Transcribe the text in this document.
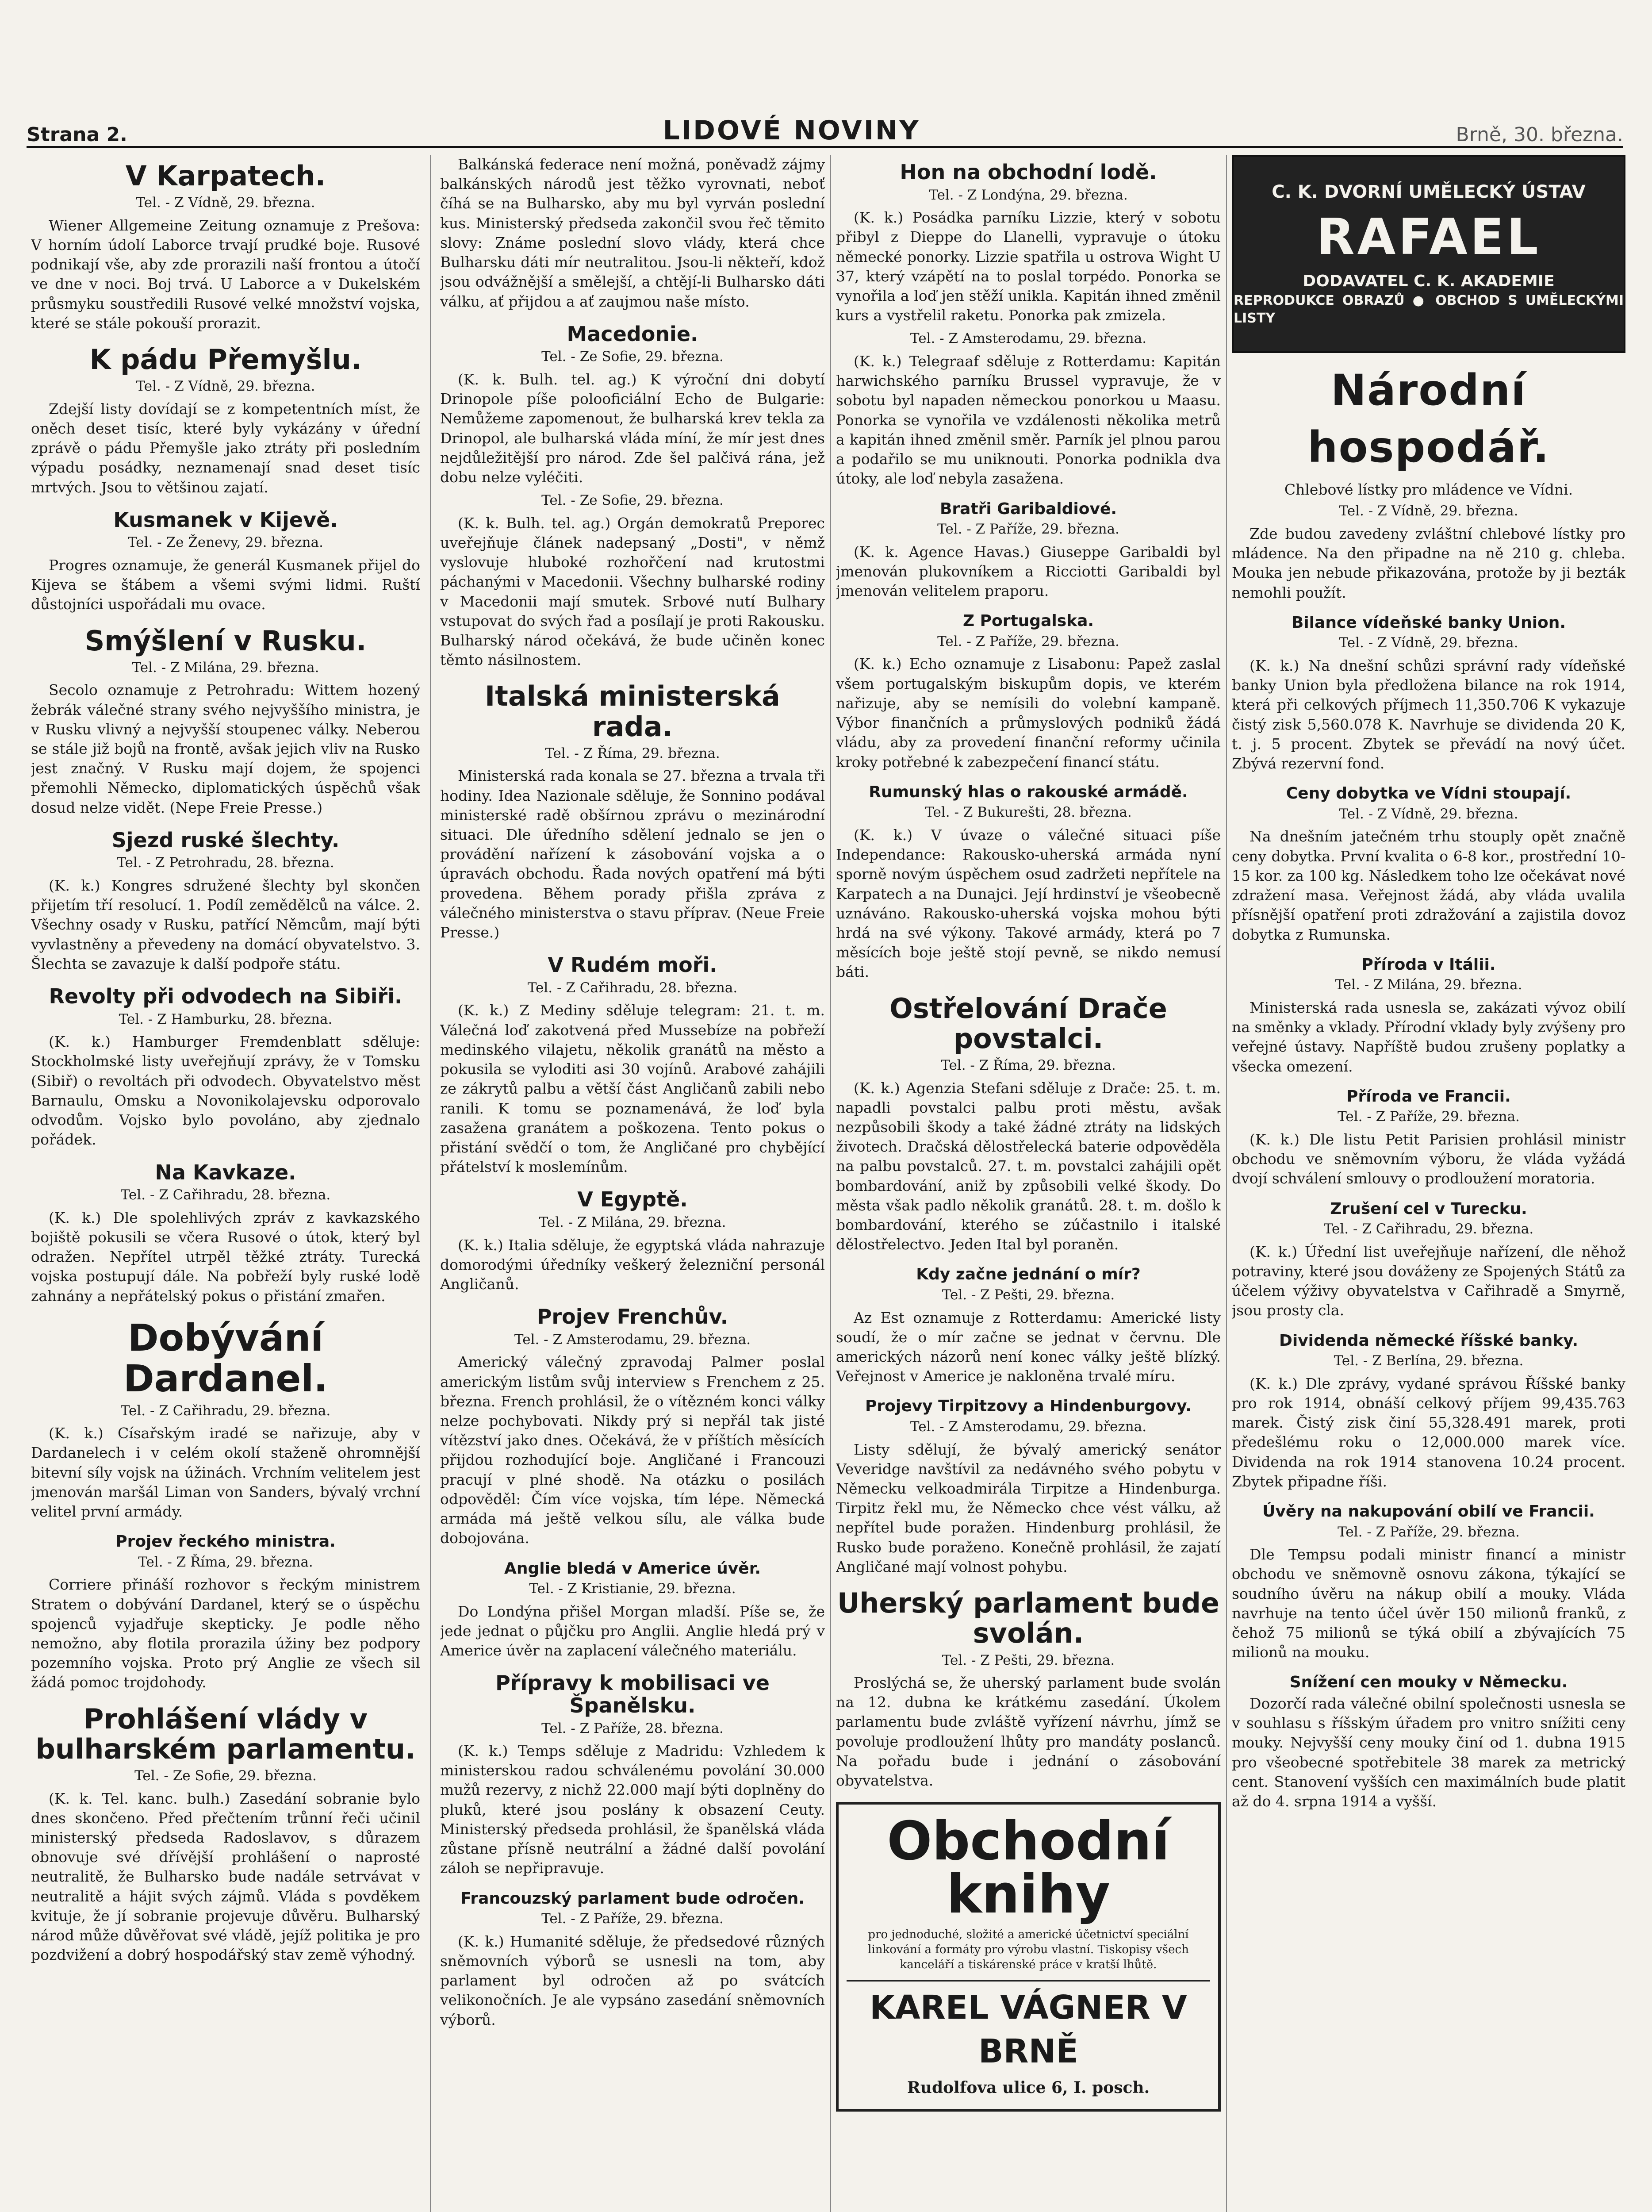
Strana 2.	LIDOVÉ NOVINY	Brně, 30. března.
V Karpatech.
Tel. - Z Vídně, 29. března.

Wiener Allgemeine Zeitung oznamuje z Prešova: V horním údolí Laborce trvají prudké boje. Rusové podnikají vše, aby zde prorazili naší frontou a útočí ve dne v noci. Boj trvá. U Laborce a v Dukelském průsmyku soustředili Rusové velké množství vojska, které se stále pokouší prorazit.

K pádu Přemyšlu.
Tel. - Z Vídně, 29. března.

Zdejší listy dovídají se z kompetentních míst, že oněch deset tisíc, které byly vykázány v úřední zprávě o pádu Přemyšle jako ztráty při posledním výpadu posádky, neznamenají snad deset tisíc mrtvých. Jsou to většinou zajatí.

Kusmanek v Kijevě.
Tel. - Ze Ženevy, 29. března.

Progres oznamuje, že generál Kusmanek přijel do Kijeva se štábem a všemi svými lidmi. Ruští důstojníci uspořádali mu ovace.

Smýšlení v Rusku.
Tel. - Z Milána, 29. března.

Secolo oznamuje z Petrohradu: Wittem hozený žebrák válečné strany svého nejvyššího ministra, je v Rusku vlivný a nejvyšší stoupenec války. Neberou se stále již bojů na frontě, avšak jejich vliv na Rusko jest značný. V Rusku mají dojem, že spojenci přemohli Německo, diplomatických úspěchů však dosud nelze vidět. (Nepe Freie Presse.)

Sjezd ruské šlechty.
Tel. - Z Petrohradu, 28. března.

(K. k.) Kongres sdružené šlechty byl skončen přijetím tří resolucí. 1. Podíl zemědělců na válce. 2. Všechny osady v Rusku, patřící Němcům, mají býti vyvlastněny a převedeny na domácí obyvatelstvo. 3. Šlechta se zavazuje k další podpoře státu.

Revolty při odvodech na Sibiři.
Tel. - Z Hamburku, 28. března.

(K. k.) Hamburger Fremdenblatt sděluje: Stockholmské listy uveřejňují zprávy, že v Tomsku (Sibiř) o revoltách při odvodech. Obyvatelstvo měst Barnaulu, Omsku a Novonikolajevsku odporovalo odvodům. Vojsko bylo povoláno, aby zjednalo pořádek.

Na Kavkaze.
Tel. - Z Cařihradu, 28. března.

(K. k.) Dle spolehlivých zpráv z kavkazského bojiště pokusili se včera Rusové o útok, který byl odražen. Nepřítel utrpěl těžké ztráty. Turecká vojska postupují dále. Na pobřeží byly ruské lodě zahnány a nepřátelský pokus o přistání zmařen.

Dobývání Dardanel.
Tel. - Z Cařihradu, 29. března.

(K. k.) Císařským iradé se nařizuje, aby v Dardanelech i v celém okolí staženě ohromnější bitevní síly vojsk na úžinách. Vrchním velitelem jest jmenován maršál Liman von Sanders, bývalý vrchní velitel první armády.

Projev řeckého ministra.
Tel. - Z Říma, 29. března.

Corriere přináší rozhovor s řeckým ministrem Stratem o dobývání Dardanel, který se o úspěchu spojenců vyjadřuje skepticky. Je podle něho nemožno, aby flotila prorazila úžiny bez podpory pozemního vojska. Proto prý Anglie ze všech sil žádá pomoc trojdohody.

Prohlášení vlády v bulharském parlamentu.
Tel. - Ze Sofie, 29. března.

(K. k. Tel. kanc. bulh.) Zasedání sobranie bylo dnes skončeno. Před přečtením trůnní řeči učinil ministerský předseda Radoslavov, s důrazem obnovuje své dřívější prohlášení o naprosté neutralitě, že Bulharsko bude nadále setrvávat v neutralitě a hájit svých zájmů. Vláda s povděkem kvituje, že jí sobranie projevuje důvěru. Bulharský národ může důvěřovat své vládě, jejíž politika je pro pozdvižení a dobrý hospodářský stav země výhodný.

Balkánská federace není možná, poněvadž zájmy balkánských národů jest těžko vyrovnati, neboť číhá se na Bulharsko, aby mu byl vyrván poslední kus. Ministerský předseda zakončil svou řeč těmito slovy: Známe poslední slovo vlády, která chce Bulharsku dáti mír neutralitou. Jsou-li někteří, kdož jsou odvážnější a smělejší, a chtějí-li Bulharsko dáti válku, ať přijdou a ať zaujmou naše místo.

Macedonie.
Tel. - Ze Sofie, 29. března.

(K. k. Bulh. tel. ag.) K výroční dni dobytí Drinopole píše polooficiální Echo de Bulgarie: Nemůžeme zapomenout, že bulharská krev tekla za Drinopol, ale bulharská vláda míní, že mír jest dnes nejdůležitější pro národ. Zde šel palčivá rána, jež dobu nelze vyléčiti.

Tel. - Ze Sofie, 29. března.

(K. k. Bulh. tel. ag.) Orgán demokratů Preporec uveřejňuje článek nadepsaný „Dosti", v němž vyslovuje hluboké rozhořčení nad krutostmi páchanými v Macedonii. Všechny bulharské rodiny v Macedonii mají smutek. Srbové nutí Bulhary vstupovat do svých řad a posílají je proti Rakousku. Bulharský národ očekává, že bude učiněn konec těmto násilnostem.

Italská ministerská rada.
Tel. - Z Říma, 29. března.

Ministerská rada konala se 27. března a trvala tři hodiny. Idea Nazionale sděluje, že Sonnino podával ministerské radě obšírnou zprávu o mezinárodní situaci. Dle úředního sdělení jednalo se jen o provádění nařízení k zásobování vojska a o úpravách obchodu. Řada nových opatření má býti provedena. Během porady přišla zpráva z válečného ministerstva o stavu příprav. (Neue Freie Presse.)

V Rudém moři.
Tel. - Z Cařihradu, 28. března.

(K. k.) Z Mediny sděluje telegram: 21. t. m. Válečná loď zakotvená před Mussebíze na pobřeží medinského vilajetu, několik granátů na město a pokusila se vyloditi asi 30 vojínů. Arabové zahájili ze zákrytů palbu a větší část Angličanů zabili nebo ranili. K tomu se poznamenává, že loď byla zasažena granátem a poškozena. Tento pokus o přistání svědčí o tom, že Angličané pro chybějící přátelství k moslemínům.

V Egyptě.
Tel. - Z Milána, 29. března.

(K. k.) Italia sděluje, že egyptská vláda nahrazuje domorodými úředníky veškerý železniční personál Angličanů.

Projev Frenchův.
Tel. - Z Amsterodamu, 29. března.

Americký válečný zpravodaj Palmer poslal americkým listům svůj interview s Frenchem z 25. března. French prohlásil, že o vítězném konci války nelze pochybovati. Nikdy prý si nepřál tak jisté vítězství jako dnes. Očekává, že v příštích měsících přijdou rozhodující boje. Angličané i Francouzi pracují v plné shodě. Na otázku o posilách odpověděl: Čím více vojska, tím lépe. Německá armáda má ještě velkou sílu, ale válka bude dobojována.

Anglie bledá v Americe úvěr.
Tel. - Z Kristianie, 29. března.

Do Londýna přišel Morgan mladší. Píše se, že jede jednat o půjčku pro Anglii. Anglie hledá prý v Americe úvěr na zaplacení válečného materiálu.

Přípravy k mobilisaci ve Španělsku.
Tel. - Z Paříže, 28. března.

(K. k.) Temps sděluje z Madridu: Vzhledem k ministerskou radou schválenému povolání 30.000 mužů rezervy, z nichž 22.000 mají býti doplněny do pluků, které jsou poslány k obsazení Ceuty. Ministerský předseda prohlásil, že španělská vláda zůstane přísně neutrální a žádné další povolání záloh se nepřipravuje.

Francouzský parlament bude odročen.
Tel. - Z Paříže, 29. března.

(K. k.) Humanité sděluje, že předsedové různých sněmovních výborů se usnesli na tom, aby parlament byl odročen až po svátcích velikonočních. Je ale vypsáno zasedání sněmovních výborů.

Hon na obchodní lodě.
Tel. - Z Londýna, 29. března.

(K. k.) Posádka parníku Lizzie, který v sobotu přibyl z Dieppe do Llanelli, vypravuje o útoku německé ponorky. Lizzie spatřila u ostrova Wight U 37, který vzápětí na to poslal torpédo. Ponorka se vynořila a loď jen stěží unikla. Kapitán ihned změnil kurs a vystřelil raketu. Ponorka pak zmizela.

Tel. - Z Amsterodamu, 29. března.

(K. k.) Telegraaf sděluje z Rotterdamu: Kapitán harwichského parníku Brussel vypravuje, že v sobotu byl napaden německou ponorkou u Maasu. Ponorka se vynořila ve vzdálenosti několika metrů a kapitán ihned změnil směr. Parník jel plnou parou a podařilo se mu uniknouti. Ponorka podnikla dva útoky, ale loď nebyla zasažena.

Bratři Garibaldiové.
Tel. - Z Paříže, 29. března.

(K. k. Agence Havas.) Giuseppe Garibaldi byl jmenován plukovníkem a Ricciotti Garibaldi byl jmenován velitelem praporu.

Z Portugalska.
Tel. - Z Paříže, 29. března.

(K. k.) Echo oznamuje z Lisabonu: Papež zaslal všem portugalským biskupům dopis, ve kterém nařizuje, aby se nemísili do volební kampaně. Výbor finančních a průmyslových podniků žádá vládu, aby za provedení finanční reformy učinila kroky potřebné k zabezpečení financí státu.

Rumunský hlas o rakouské armádě.
Tel. - Z Bukurešti, 28. března.

(K. k.) V úvaze o válečné situaci píše Independance: Rakousko-uherská armáda nyní sporně novým úspěchem osud zadržeti nepřítele na Karpatech a na Dunajci. Její hrdinství je všeobecně uznáváno. Rakousko-uherská vojska mohou býti hrdá na své výkony. Takové armády, která po 7 měsících boje ještě stojí pevně, se nikdo nemusí báti.

Ostřelování Drače povstalci.
Tel. - Z Říma, 29. března.

(K. k.) Agenzia Stefani sděluje z Drače: 25. t. m. napadli povstalci palbu proti městu, avšak nezpůsobili škody a také žádné ztráty na lidských životech. Dračská dělostřelecká baterie odpověděla na palbu povstalců. 27. t. m. povstalci zahájili opět bombardování, aniž by způsobili velké škody. Do města však padlo několik granátů. 28. t. m. došlo k bombardování, kterého se zúčastnilo i italské dělostřelectvo. Jeden Ital byl poraněn.

Kdy začne jednání o mír?
Tel. - Z Pešti, 29. března.

Az Est oznamuje z Rotterdamu: Americké listy soudí, že o mír začne se jednat v červnu. Dle amerických názorů není konec války ještě blízký. Veřejnost v Americe je nakloněna trvalé míru.

Projevy Tirpitzovy a Hindenburgovy.
Tel. - Z Amsterodamu, 29. března.

Listy sdělují, že bývalý americký senátor Veveridge navštívil za nedávného svého pobytu v Německu velkoadmirála Tirpitze a Hindenburga. Tirpitz řekl mu, že Německo chce vést válku, až nepřítel bude poražen. Hindenburg prohlásil, že Rusko bude poraženo. Konečně prohlásil, že zajatí Angličané mají volnost pohybu.

Uherský parlament bude svolán.
Tel. - Z Pešti, 29. března.

Proslýchá se, že uherský parlament bude svolán na 12. dubna ke krátkému zasedání. Úkolem parlamentu bude zvláště vyřízení návrhu, jímž se povoluje prodloužení lhůty pro mandáty poslanců. Na pořadu bude i jednání o zásobování obyvatelstva.

Obchodní knihy
pro jednoduché, složité a americké účetnictví speciální linkování a formáty pro výrobu vlastní. Tiskopisy všech kanceláří a tiskárenské práce v kratší lhůtě.
KAREL VÁGNER V BRNĚ
Rudolfova ulice 6, I. posch.
C. K. DVORNÍ UMĚLECKÝ ÚSTAV
RAFAEL
DODAVATEL C. K. AKADEMIE
REPRODUKCE OBRAZŮ ● OBCHOD S UMĚLECKÝMI LISTY
Národní hospodář.
Chlebové lístky pro mládence ve Vídni.
Tel. - Z Vídně, 29. března.

Zde budou zavedeny zvláštní chlebové lístky pro mládence. Na den připadne na ně 210 g. chleba. Mouka jen nebude přikazována, protože by ji bezták nemohli použít.

Bilance vídeňské banky Union.
Tel. - Z Vídně, 29. března.

(K. k.) Na dnešní schůzi správní rady vídeňské banky Union byla předložena bilance na rok 1914, která při celkových příjmech 11,350.706 K vykazuje čistý zisk 5,560.078 K. Navrhuje se dividenda 20 K, t. j. 5 procent. Zbytek se převádí na nový účet. Zbývá rezervní fond.

Ceny dobytka ve Vídni stoupají.
Tel. - Z Vídně, 29. března.

Na dnešním jatečném trhu stouply opět značně ceny dobytka. První kvalita o 6-8 kor., prostřední 10-15 kor. za 100 kg. Následkem toho lze očekávat nové zdražení masa. Veřejnost žádá, aby vláda uvalila přísnější opatření proti zdražování a zajistila dovoz dobytka z Rumunska.

Příroda v Itálii.
Tel. - Z Milána, 29. března.

Ministerská rada usnesla se, zakázati vývoz obilí na směnky a vklady. Přírodní vklady byly zvýšeny pro veřejné ústavy. Napříště budou zrušeny poplatky a všecka omezení.

Příroda ve Francii.
Tel. - Z Paříže, 29. března.

(K. k.) Dle listu Petit Parisien prohlásil ministr obchodu ve sněmovním výboru, že vláda vyžádá dvojí schválení smlouvy o prodloužení moratoria.

Zrušení cel v Turecku.
Tel. - Z Cařihradu, 29. března.

(K. k.) Úřední list uveřejňuje nařízení, dle něhož potraviny, které jsou dováženy ze Spojených Států za účelem výživy obyvatelstva v Cařihradě a Smyrně, jsou prosty cla.

Dividenda německé říšské banky.
Tel. - Z Berlína, 29. března.

(K. k.) Dle zprávy, vydané správou Říšské banky pro rok 1914, obnáší celkový příjem 99,435.763 marek. Čistý zisk činí 55,328.491 marek, proti předešlému roku o 12,000.000 marek více. Dividenda na rok 1914 stanovena 10.24 procent. Zbytek připadne říši.

Úvěry na nakupování obilí ve Francii.
Tel. - Z Paříže, 29. března.

Dle Tempsu podali ministr financí a ministr obchodu ve sněmovně osnovu zákona, týkající se soudního úvěru na nákup obilí a mouky. Vláda navrhuje na tento účel úvěr 150 milionů franků, z čehož 75 milionů se týká obilí a zbývajících 75 milionů na mouku.

Snížení cen mouky v Německu.

Dozorčí rada válečné obilní společnosti usnesla se v souhlasu s říšským úřadem pro vnitro snížiti ceny mouky. Nejvyšší ceny mouky činí od 1. dubna 1915 pro všeobecné spotřebitele 38 marek za metrický cent. Stanovení vyšších cen maximálních bude platit až do 4. srpna 1914 a vyšší.
